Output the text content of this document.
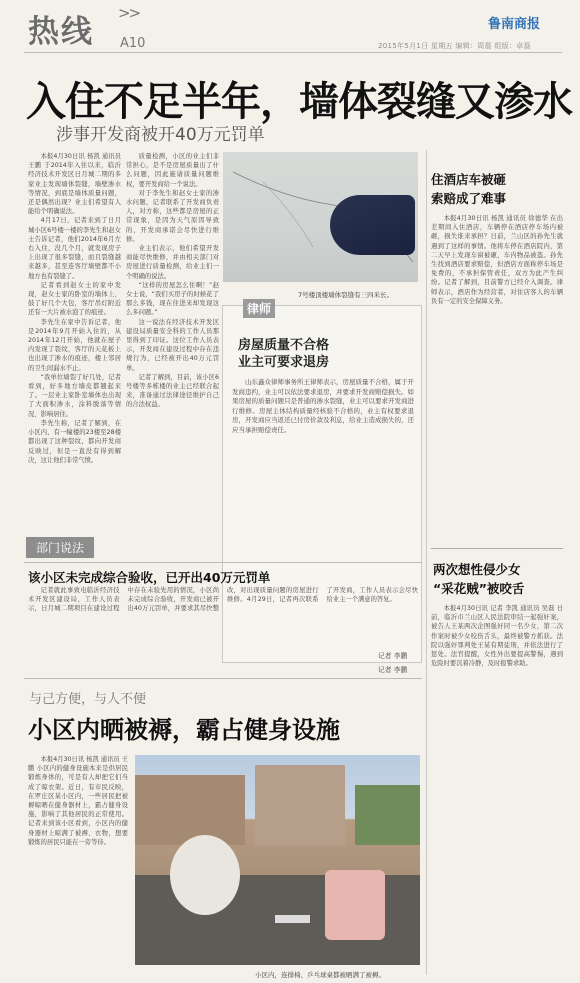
热线
>>
A10
鲁南商报
2015年5月1日 星期五 编辑：周磊 组版：卓磊
入住不足半年，墙体裂缝又渗水
涉事开发商被开40万元罚单

本报4月30日讯 杨凯 通讯员 王鹏 于2014年入住以来，临沂经济技术开发区日月城二期的多家业主发现墙体裂缝，墙壁渗水等情况，到底是墙体质量问题，还是偶然出现？业主们希望有人能给个明确说法。

4月17日，记者来到了日月城小区6号楼一楼的李先生和赵女士告诉记者，他们2014年6月左右入住，没几个月，就发现房子上出现了很多裂缝，而且裂缝越来越多，甚至连客厅墙壁都不小地方也有裂缝了。

记者看到赵女士的家中发现，赵女士家的卧室的墙体上，鼓了好几个大包，客厅吊灯附近还有一大片被水泡了的痕迹。

李先生在家中告诉记者，他是2014年9月开始入住的，从2014年12月开始，他就在屋子内发现了裂纹，客厅的天花板上也出现了渗水的痕迹，楼上邻居的卫生间漏水不止。

“我单位墙裂了好几处，记者看到，好多地方墙皮都翘起来了。一层业主家卧室墙体也出现了大面积渗水，涂料脱落等情况，影响居住。

李先生称，记者了解到，在小区内，有一幢楼的23楼至28楼都出现了这种裂纹，都向开发商反映过，但是一直没有得到解决，这让他们非常气愤。

质量检测，小区的业主们非常担心，是不是房屋质量出了什么问题，因此施请质量问题维权，要开发商给一个说法。

对于李先生和赵女士家的渗水问题，记者联系了开发商负责人，对方称，这些都是房屋的正常现象，是因为天气原因导致的，开发商承诺会尽快进行维修。

业主们表示，他们希望开发商能尽快维修，并由相关部门对房屋进行质量检测，给业主们一个明确的说法。

“这样的房屋怎么住啊！”赵女士说，“我们买房子的时候花了那么多钱，现在住进来却发现这么多问题。”

这一说法在经济技术开发区建设局质量安全科的工作人员那里得到了印证。这位工作人员表示，开发商在建设过程中存在违规行为，已经被开出40万元罚单。

记者了解到，目前，该小区6号楼等多栋楼的业主已经联合起来，准备通过法律途径维护自己的合法权益。

7号楼顶楼墙体裂缝有三四米长。
律师
房屋质量不合格
业主可要求退房
山东鑫众律师事务所王律师表示，房屋质量不合格，属于开发商违约，业主可以依法要求退房，并要求开发商赔偿损失。如果房屋的质量问题只是普通的渗水裂缝，业主可以要求开发商进行维修。房屋主体结构质量经核验不合格的，业主有权要求退房，开发商应当返还已付房价款及利息，给业主造成损失的，还应当承担赔偿责任。
记者 李鹏
住酒店车被砸
索赔成了难事
本报4月30日讯 杨凯 通讯员 徐德华 在出差期间入住酒店，车辆停在酒店停车场内被砸，损失谁来承担？日前，兰山区的孙先生就遇到了这样的事情。他将车停在酒店院内，第二天早上发现车窗被砸，车内物品被盗。孙先生找到酒店要求赔偿，但酒店方面称停车场是免费的，不承担保管责任，双方为此产生纠纷。记者了解到，目前警方已经介入调查。律师表示，酒店作为经营者，对住店客人的车辆负有一定的安全保障义务。
两次想性侵少女
“采花贼”被咬舌
本报4月30日讯 记者 李凯 通讯员 吴磊 日前，临沂市兰山区人民法院审结一起强奸案，被告人王某两次企图强奸同一名少女，第二次作案时被少女咬伤舌头，最终被警方抓获。法院以强奸罪判处王某有期徒刑，并依法进行了惩处。法官提醒，女性外出要提高警惕，遇到危险时要沉着冷静，及时报警求助。
部门说法
该小区未完成综合验收，已开出40万元罚单
记者就此事致电临沂经济技术开发区建设局，工作人员表示，日月城二期项目在建设过程中存在未验先用的情况，小区尚未完成综合验收，开发商已被开出40万元罚单，并要求其尽快整改，对出现质量问题的房屋进行维修。4月29日，记者再次联系了开发商，工作人员表示会尽快给业主一个满意的答复。
记者 李鹏
与己方便，与人不便
小区内晒被褥，霸占健身设施
本报4月30日讯 杨凯 通讯员 王鹏 小区内的健身设施本来是供居民锻炼身体的，可是有人却把它们当成了晾衣架。近日，有市民反映，在罗庄区某小区内，一些居民把被褥晾晒在健身器材上，霸占健身设施，影响了其他居民的正常使用。记者来到该小区看到，小区内的健身器材上晾满了被褥、衣物，想要锻炼的居民只能在一旁等待。
小区内，连排椅、乒乓球桌都被晒满了被褥。
